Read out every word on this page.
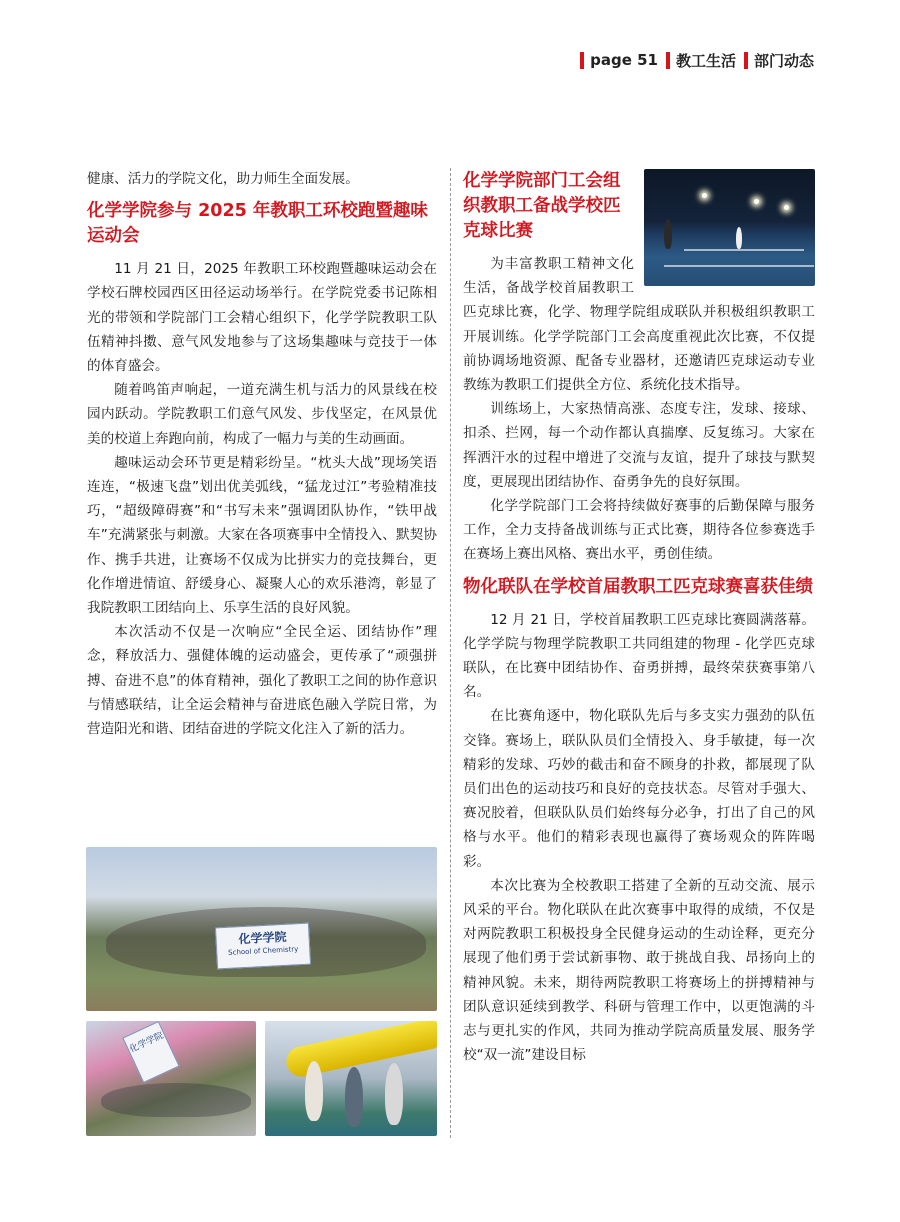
page 51 教工生活 部门动态

健康、活力的学院文化，助力师生全面发展。

化学学院参与 2025 年教职工环校跑暨趣味运动会

11 月 21 日，2025 年教职工环校跑暨趣味运动会在学校石牌校园西区田径运动场举行。在学院党委书记陈相光的带领和学院部门工会精心组织下，化学学院教职工队伍精神抖擞、意气风发地参与了这场集趣味与竞技于一体的体育盛会。

随着鸣笛声响起，一道充满生机与活力的风景线在校园内跃动。学院教职工们意气风发、步伐坚定，在风景优美的校道上奔跑向前，构成了一幅力与美的生动画面。

趣味运动会环节更是精彩纷呈。“枕头大战”现场笑语连连，“极速飞盘”划出优美弧线，“猛龙过江”考验精准技巧，“超级障碍赛”和“书写未来”强调团队协作，“铁甲战车”充满紧张与刺激。大家在各项赛事中全情投入、默契协作、携手共进，让赛场不仅成为比拼实力的竞技舞台，更化作增进情谊、舒缓身心、凝聚人心的欢乐港湾，彰显了我院教职工团结向上、乐享生活的良好风貌。

本次活动不仅是一次响应“全民全运、团结协作”理念，释放活力、强健体魄的运动盛会，更传承了“顽强拼搏、奋进不息”的体育精神，强化了教职工之间的协作意识与情感联结，让全运会精神与奋进底色融入学院日常，为营造阳光和谐、团结奋进的学院文化注入了新的活力。

化学学院部门工会组织教职工备战学校匹克球比赛

为丰富教职工精神文化生活，备战学校首届教职工匹克球比赛，化学、物理学院组成联队并积极组织教职工开展训练。化学学院部门工会高度重视此次比赛，不仅提前协调场地资源、配备专业器材，还邀请匹克球运动专业教练为教职工们提供全方位、系统化技术指导。

训练场上，大家热情高涨、态度专注，发球、接球、扣杀、拦网，每一个动作都认真揣摩、反复练习。大家在挥洒汗水的过程中增进了交流与友谊，提升了球技与默契度，更展现出团结协作、奋勇争先的良好氛围。

化学学院部门工会将持续做好赛事的后勤保障与服务工作，全力支持备战训练与正式比赛，期待各位参赛选手在赛场上赛出风格、赛出水平，勇创佳绩。

物化联队在学校首届教职工匹克球赛喜获佳绩

12 月 21 日，学校首届教职工匹克球比赛圆满落幕。化学学院与物理学院教职工共同组建的物理 - 化学匹克球联队，在比赛中团结协作、奋勇拼搏，最终荣获赛事第八名。

在比赛角逐中，物化联队先后与多支实力强劲的队伍交锋。赛场上，联队队员们全情投入、身手敏捷，每一次精彩的发球、巧妙的截击和奋不顾身的扑救，都展现了队员们出色的运动技巧和良好的竞技状态。尽管对手强大、赛况胶着，但联队队员们始终每分必争，打出了自己的风格与水平。他们的精彩表现也赢得了赛场观众的阵阵喝彩。

本次比赛为全校教职工搭建了全新的互动交流、展示风采的平台。物化联队在此次赛事中取得的成绩，不仅是对两院教职工积极投身全民健身运动的生动诠释，更充分展现了他们勇于尝试新事物、敢于挑战自我、昂扬向上的精神风貌。未来，期待两院教职工将赛场上的拼搏精神与团队意识延续到教学、科研与管理工作中，以更饱满的斗志与更扎实的作风，共同为推动学院高质量发展、服务学校“双一流”建设目标

化学学院
School of Chemistry
化学学院
